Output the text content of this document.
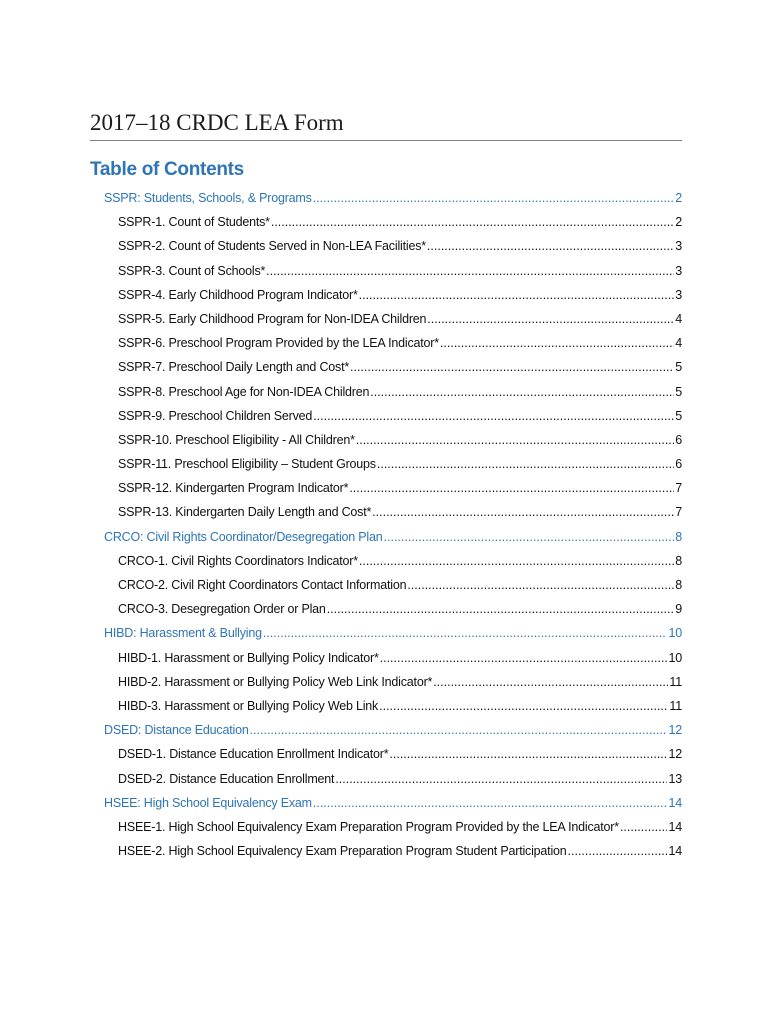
2017–18 CRDC LEA Form
Table of Contents
SSPR: Students, Schools, & Programs .....	2
SSPR-1. Count of Students* .....	2
SSPR-2. Count of Students Served in Non-LEA Facilities* .....	3
SSPR-3. Count of Schools* .....	3
SSPR-4. Early Childhood Program Indicator* .....	3
SSPR-5. Early Childhood Program for Non-IDEA Children .....	4
SSPR-6. Preschool Program Provided by the LEA Indicator* .....	4
SSPR-7. Preschool Daily Length and Cost* .....	5
SSPR-8. Preschool Age for Non-IDEA Children .....	5
SSPR-9. Preschool Children Served .....	5
SSPR-10. Preschool Eligibility - All Children* .....	6
SSPR-11. Preschool Eligibility – Student Groups .....	6
SSPR-12. Kindergarten Program Indicator* .....	7
SSPR-13. Kindergarten Daily Length and Cost* .....	7
CRCO: Civil Rights Coordinator/Desegregation Plan .....	8
CRCO-1. Civil Rights Coordinators Indicator* .....	8
CRCO-2. Civil Right Coordinators Contact Information .....	8
CRCO-3. Desegregation Order or Plan .....	9
HIBD: Harassment & Bullying .....	10
HIBD-1. Harassment or Bullying Policy Indicator* .....	10
HIBD-2. Harassment or Bullying Policy Web Link Indicator* .....	11
HIBD-3. Harassment or Bullying Policy Web Link .....	11
DSED: Distance Education .....	12
DSED-1. Distance Education Enrollment Indicator* .....	12
DSED-2. Distance Education Enrollment .....	13
HSEE: High School Equivalency Exam .....	14
HSEE-1. High School Equivalency Exam Preparation Program Provided by the LEA Indicator* .....	14
HSEE-2. High School Equivalency Exam Preparation Program Student Participation .....	14
